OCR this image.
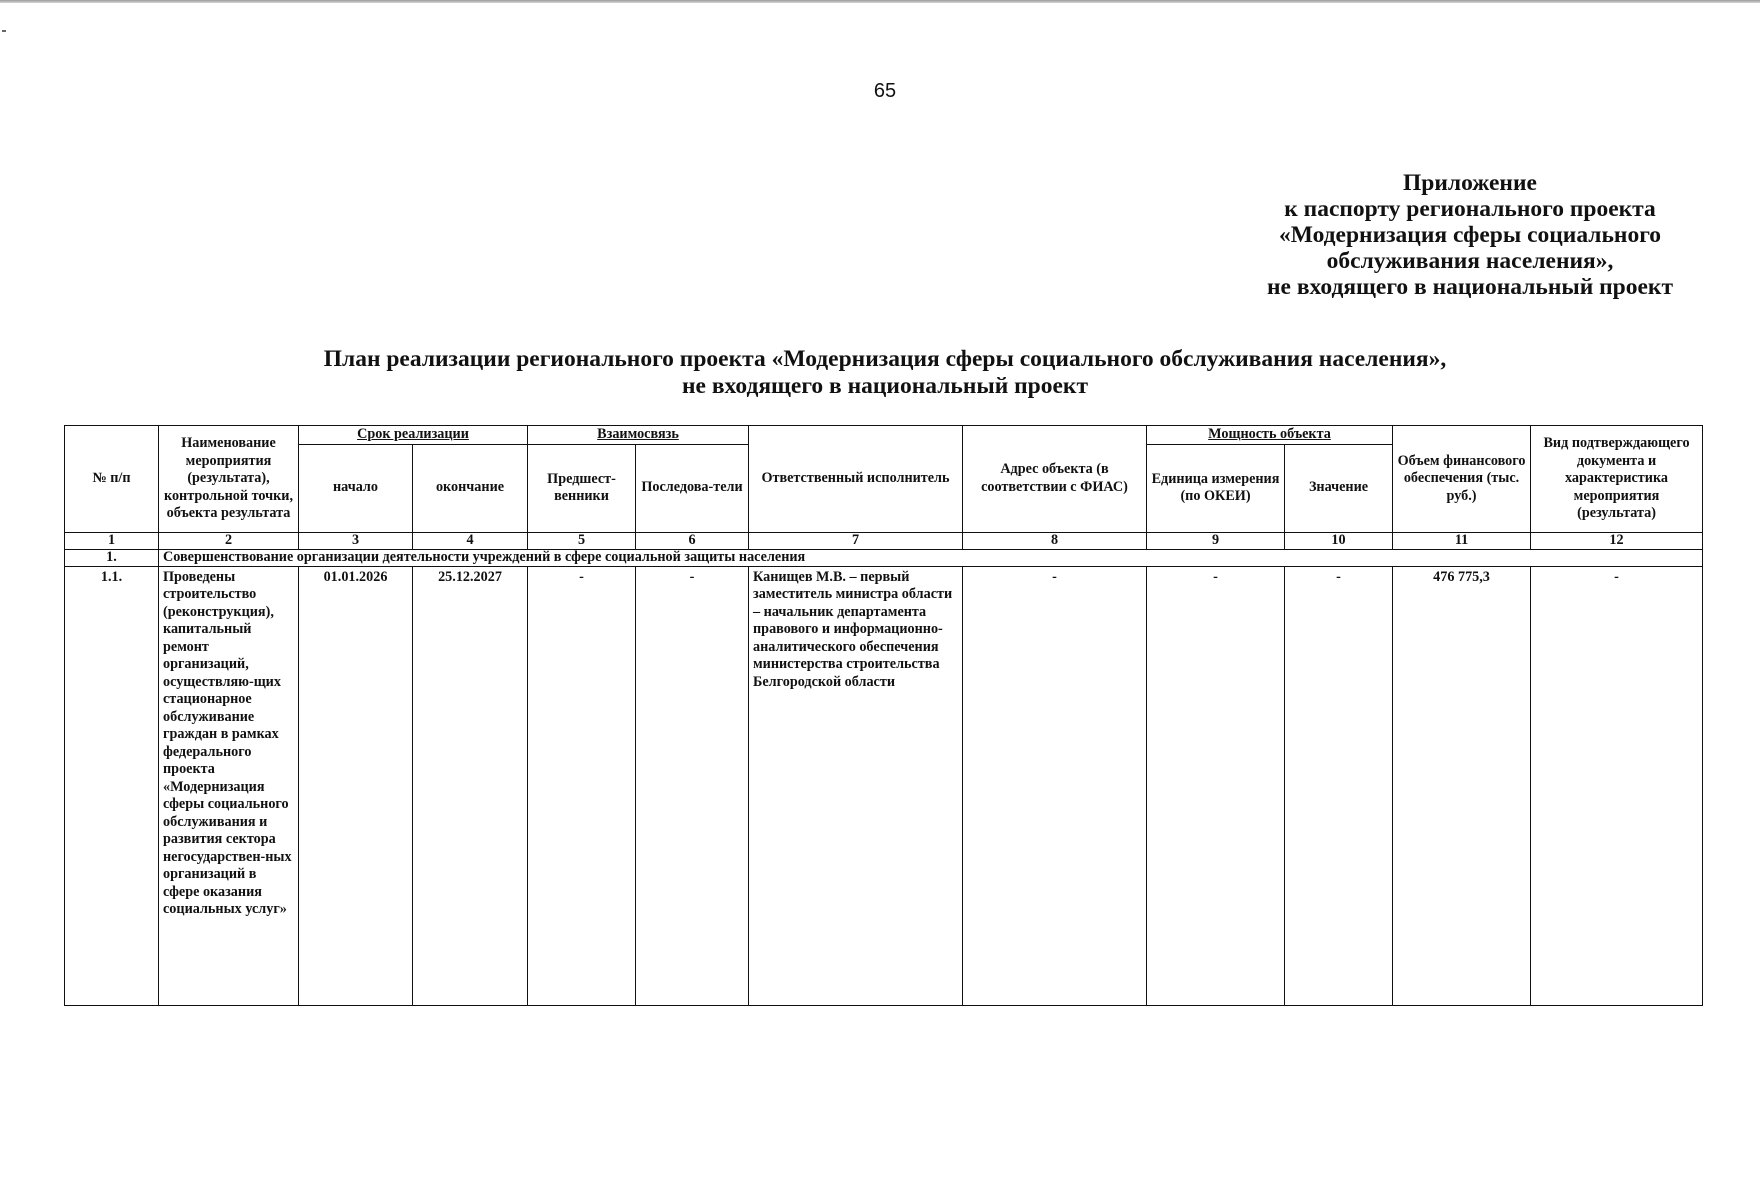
65
Приложение
к паспорту регионального проекта
«Модернизация сферы социального
обслуживания населения»,
не входящего в национальный проект
План реализации регионального проекта «Модернизация сферы социального обслуживания населения»,
не входящего в национальный проект
№ п/п	Наименование мероприятия (результата), контрольной точки, объекта результата	Срок реализации		Взаимосвязь		Ответственный исполнитель	Адрес объекта (в соответствии с ФИАС)	Мощность объекта		Объем финансового обеспечения (тыс. руб.)	Вид подтверждающего документа и характеристика мероприятия (результата)
		начало	окончание	Предшест-венники	Последова-тели			Единица измерения (по ОКЕИ)	Значение		
1	2	3	4	5	6	7	8	9	10	11	12
1.	Совершенствование организации деятельности учреждений в сфере социальной защиты населения										
1.1.	Проведены строительство (реконструкция), капитальный ремонт организаций, осуществляю-щих стационарное обслуживание граждан в рамках федерального проекта «Модернизация сферы социального обслуживания и развития сектора негосударствен-ных организаций в сфере оказания социальных услуг»	01.01.2026	25.12.2027	-	-	Канищев М.В. – первый заместитель министра области – начальник департамента правового и информационно-аналитического обеспечения министерства строительства Белгородской области	-	-	-	476 775,3	-
